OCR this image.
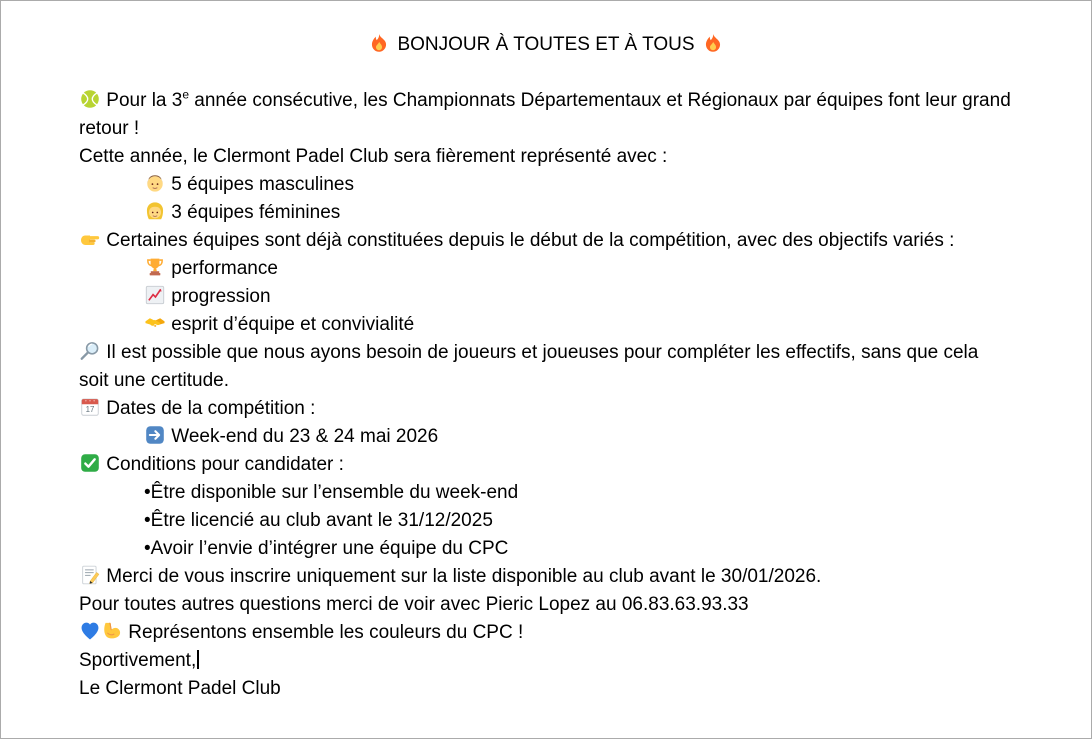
BONJOUR À TOUTES ET À TOUS

Pour la 3e année consécutive, les Championnats Départementaux et Régionaux par équipes font leur grand retour !

Cette année, le Clermont Padel Club sera fièrement représenté avec :

5 équipes masculines

3 équipes féminines

Certaines équipes sont déjà constituées depuis le début de la compétition, avec des objectifs variés :

performance

progression

esprit d’équipe et convivialité

Il est possible que nous ayons besoin de joueurs et joueuses pour compléter les effectifs, sans que cela soit une certitude.

17 Dates de la compétition :

Week-end du 23 & 24 mai 2026

Conditions pour candidater :

•Être disponible sur l’ensemble du week-end

•Être licencié au club avant le 31/12/2025

•Avoir l’envie d’intégrer une équipe du CPC

Merci de vous inscrire uniquement sur la liste disponible au club avant le 30/01/2026.

Pour toutes autres questions merci de voir avec Pieric Lopez au 06.83.63.93.33

Représentons ensemble les couleurs du CPC !

Sportivement,

Le Clermont Padel Club
